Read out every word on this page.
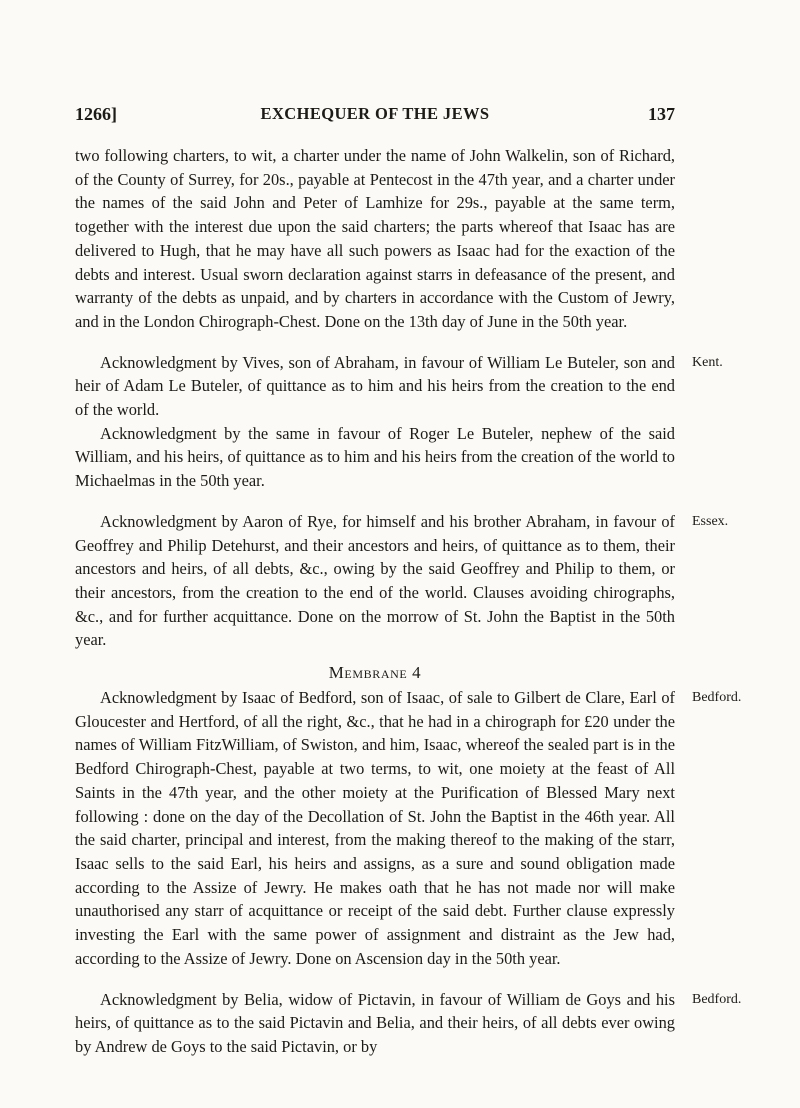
1266]	EXCHEQUER OF THE JEWS	137

two following charters, to wit, a charter under the name of John Walkelin, son of Richard, of the County of Surrey, for 20s., payable at Pentecost in the 47th year, and a charter under the names of the said John and Peter of Lamhize for 29s., payable at the same term, together with the interest due upon the said charters; the parts whereof that Isaac has are delivered to Hugh, that he may have all such powers as Isaac had for the exaction of the debts and interest. Usual sworn declaration against starrs in defeasance of the present, and warranty of the debts as unpaid, and by charters in accordance with the Custom of Jewry, and in the London Chirograph-Chest. Done on the 13th day of June in the 50th year.

Kent.
Acknowledgment by Vives, son of Abraham, in favour of William Le Buteler, son and heir of Adam Le Buteler, of quittance as to him and his heirs from the creation to the end of the world.

Acknowledgment by the same in favour of Roger Le Buteler, nephew of the said William, and his heirs, of quittance as to him and his heirs from the creation of the world to Michaelmas in the 50th year.

Essex.
Acknowledgment by Aaron of Rye, for himself and his brother Abraham, in favour of Geoffrey and Philip Detehurst, and their ancestors and heirs, of quittance as to them, their ancestors and heirs, of all debts, &c., owing by the said Geoffrey and Philip to them, or their ancestors, from the creation to the end of the world. Clauses avoiding chirographs, &c., and for further acquittance. Done on the morrow of St. John the Baptist in the 50th year.

Membrane 4

Bedford.
Acknowledgment by Isaac of Bedford, son of Isaac, of sale to Gilbert de Clare, Earl of Gloucester and Hertford, of all the right, &c., that he had in a chirograph for £20 under the names of William FitzWilliam, of Swiston, and him, Isaac, whereof the sealed part is in the Bedford Chirograph-Chest, payable at two terms, to wit, one moiety at the feast of All Saints in the 47th year, and the other moiety at the Purification of Blessed Mary next following : done on the day of the Decollation of St. John the Baptist in the 46th year. All the said charter, principal and interest, from the making thereof to the making of the starr, Isaac sells to the said Earl, his heirs and assigns, as a sure and sound obligation made according to the Assize of Jewry. He makes oath that he has not made nor will make unauthorised any starr of acquittance or receipt of the said debt. Further clause expressly investing the Earl with the same power of assignment and distraint as the Jew had, according to the Assize of Jewry. Done on Ascension day in the 50th year.

Bedford.
Acknowledgment by Belia, widow of Pictavin, in favour of William de Goys and his heirs, of quittance as to the said Pictavin and Belia, and their heirs, of all debts ever owing by Andrew de Goys to the said Pictavin, or by
